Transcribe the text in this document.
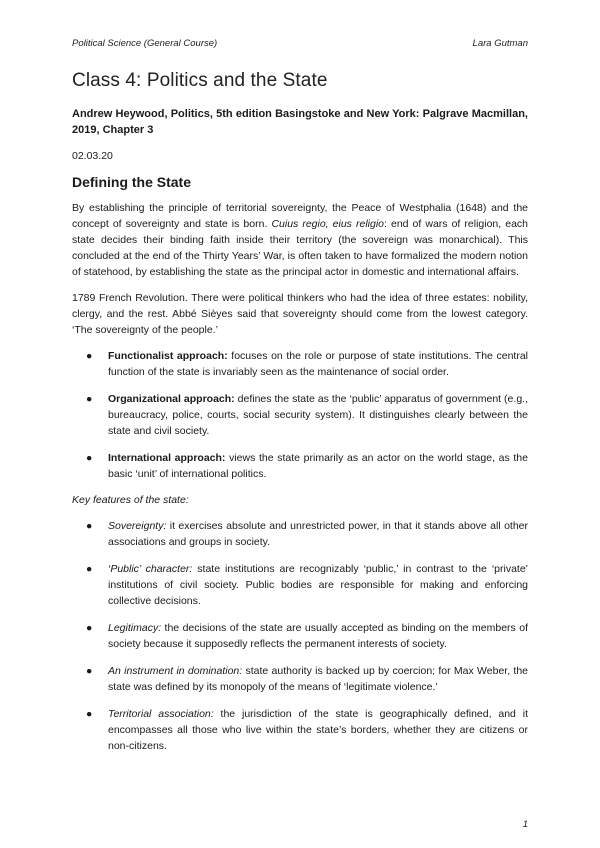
Political Science (General Course)	Lara Gutman
Class 4: Politics and the State

Andrew Heywood, Politics, 5th edition Basingstoke and New York: Palgrave Macmillan, 2019, Chapter 3

02.03.20

Defining the State

By establishing the principle of territorial sovereignty, the Peace of Westphalia (1648) and the concept of sovereignty and state is born. Cuius regio, eius religio: end of wars of religion, each state decides their binding faith inside their territory (the sovereign was monarchical). This concluded at the end of the Thirty Years’ War, is often taken to have formalized the modern notion of statehood, by establishing the state as the principal actor in domestic and international affairs.

1789 French Revolution. There were political thinkers who had the idea of three estates: nobility, clergy, and the rest. Abbé Sièyes said that sovereignty should come from the lowest category. ‘The sovereignty of the people.’

● Functionalist approach: focuses on the role or purpose of state institutions. The central function of the state is invariably seen as the maintenance of social order.
● Organizational approach: defines the state as the ‘public’ apparatus of government (e.g., bureaucracy, police, courts, social security system). It distinguishes clearly between the state and civil society.
● International approach: views the state primarily as an actor on the world stage, as the basic ‘unit’ of international politics.

Key features of the state:

● Sovereignty: it exercises absolute and unrestricted power, in that it stands above all other associations and groups in society.
● ‘Public’ character: state institutions are recognizably ‘public,’ in contrast to the ‘private’ institutions of civil society. Public bodies are responsible for making and enforcing collective decisions.
● Legitimacy: the decisions of the state are usually accepted as binding on the members of society because it supposedly reflects the permanent interests of society.
● An instrument in domination: state authority is backed up by coercion; for Max Weber, the state was defined by its monopoly of the means of ‘legitimate violence.’
● Territorial association: the jurisdiction of the state is geographically defined, and it encompasses all those who live within the state’s borders, whether they are citizens or non-citizens.
1
